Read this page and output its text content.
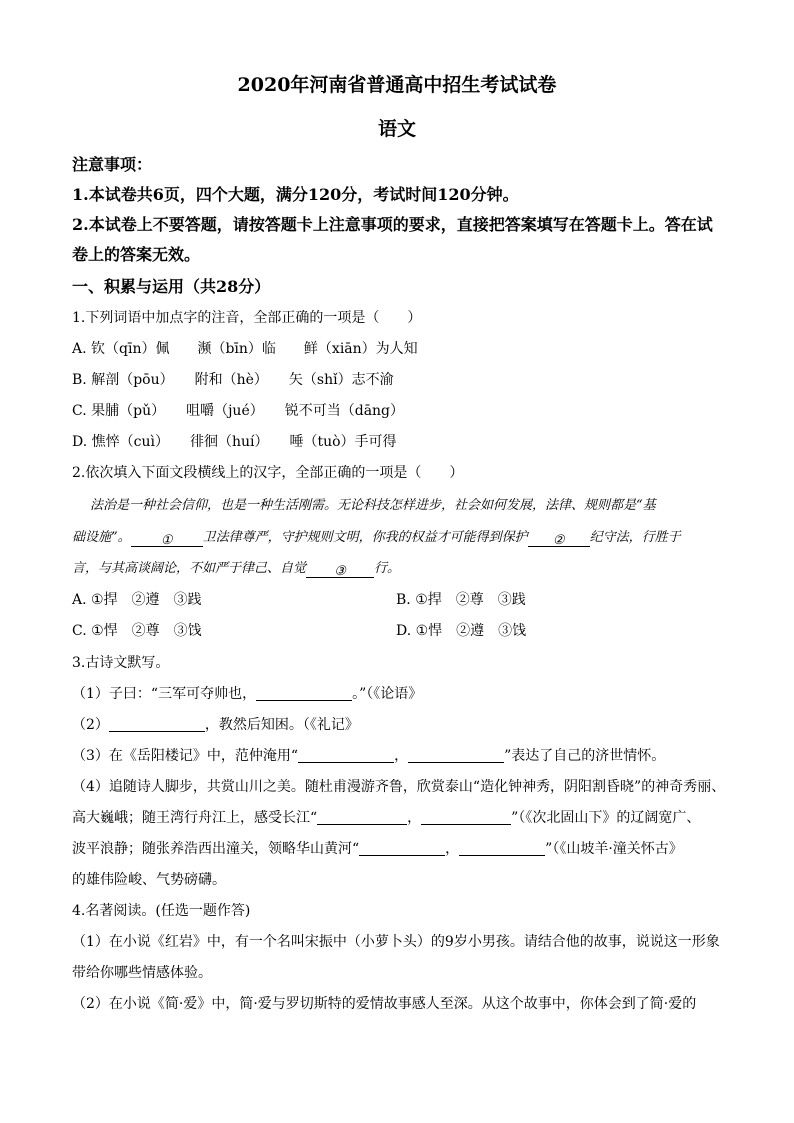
2020年河南省普通高中招生考试试卷
语文
注意事项：
1.本试卷共6页，四个大题，满分120分，考试时间120分钟。
2.本试卷上不要答题，请按答题卡上注意事项的要求，直接把答案填写在答题卡上。答在试
卷上的答案无效。
一、积累与运用（共28分）
1.下列词语中加点字的注音，全部正确的一项是（　　）
A. 钦（qīn）佩　　濒（bīn）临　　鲜（xiān）为人知
B. 解剖（pōu）　　附和（hè）　　矢（shǐ）志不渝
C. 果脯（pǔ）　　咀嚼（jué）　　锐不可当（dāng）
D. 憔悴（cuì）　　徘徊（huí）　　唾（tuò）手可得
2.依次填入下面文段横线上的汉字，全部正确的一项是（　　）
法治是一种社会信仰，也是一种生活刚需。无论科技怎样进步，社会如何发展，法律、规则都是“基
础设施”。 ① 卫法律尊严，守护规则文明，你我的权益才可能得到保护 ② 纪守法，行胜于
言，与其高谈阔论，不如严于律己、自觉 ③ 行。
A. ①捍　②遵　③践	B. ①捍　②尊　③践
C. ①悍　②尊　③饯	D. ①悍　②遵　③饯
3.古诗文默写。
（1）子曰：“三军可夺帅也，	。”（《论语》
（2）	，教然后知困。（《礼记》
（3）在《岳阳楼记》中，范仲淹用“	，	”表达了自己的济世情怀。
（4）追随诗人脚步，共赏山川之美。随杜甫漫游齐鲁，欣赏泰山“造化钟神秀，阴阳割昏晓”的神奇秀丽、
高大巍峨；随王湾行舟江上，感受长江“	，	”（《次北固山下》的辽阔宽广、
波平浪静；随张养浩西出潼关，领略华山黄河“	，	”（《山坡羊·潼关怀古》
的雄伟险峻、气势磅礴。
4.名著阅读。(任选一题作答)
（1）在小说《红岩》中，有一个名叫宋振中（小萝卜头）的9岁小男孩。请结合他的故事，说说这一形象
带给你哪些情感体验。
（2）在小说《简·爱》中，简·爱与罗切斯特的爱情故事感人至深。从这个故事中，你体会到了简·爱的
